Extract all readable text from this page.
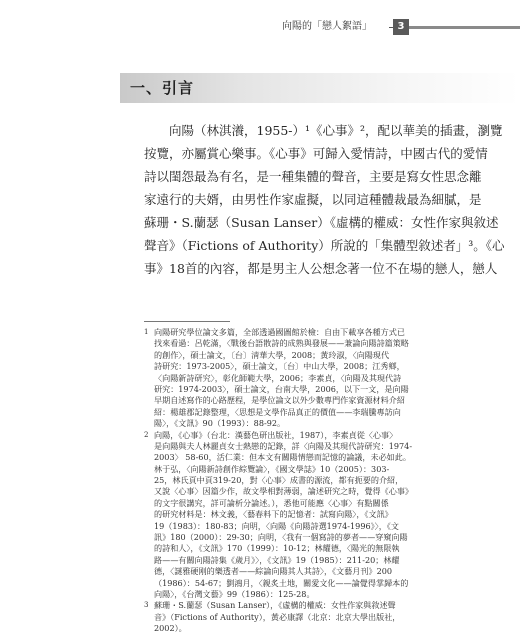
向陽的「戀人絮語」	3
一、引言
向陽（林淇瀁，1955-）¹《心事》²，配以華美的插畫，瀏覽
按覽，亦屬賞心樂事。《心事》可歸入愛情詩，中國古代的愛情
詩以閨怨最為有名，是一種集體的聲音，主要是寫女性思念離
家遠行的夫婿，由男性作家虛擬，以同這種體裁最為細膩，是
蘇珊・S.蘭瑟（Susan Lanser）《虛構的權威：女性作家與敘述
聲音》（Fictions of Authority）所說的「集體型敘述者」³。《心
事》18首的內容，都是男主人公想念著一位不在場的戀人，戀人
1 向陽研究學位論文多篇，全部透過國圖館於檢：自由下載享各種方式已
找來看過：呂乾滿，〈戰後台語散詩的成熟與發展——兼論向陽詩篇策略
的創作〉，碩士論文，〔台〕淸華大學，2008；黃玲淑，〈向陽現代
詩研究：1973-2005〉，碩士論文，〔台〕中山大學，2008；江秀鄉，
〈向陽新詩研究〉，彰化師範大學，2006；李素貞，〈向陽及其現代詩
研究：1974-2003〉，碩士論文，台南大學，2006，以下一文，是向陽
早期自述寫作的心路歷程，是學位論文以外少數專門作家資源材料介紹
紹：楊雄郡記錄整理，〈思想是文學作品真正的價值——李瑞騰專訪向
陽〉，《文訊》90（1993）：88-92。
2 向陽，《心事》（台北：漢藝色研出版社，1987），李素貞從〈心事〉
是向陽與夫人林麗貞女士熱戀的記錄，詳〈向陽及其現代詩研究：1974-
2003〉 58-60，活仁業：但本文有關陽情戀而記憶的論議，未必如此。
林于弘，〈向陽新詩創作綜覽論〉，《國文學誌》10（2005）：303-
25，林氏頁中頁319-20，對〈心事〉成書的源流，都有扼要的介紹，
又說〈心事〉因篇少作，故文學相對薄弱，論述研究之時，覺得《心事》
的文字很講究，詳可論析分論述。），悉他可能應〈心事〉有點關係
的研究材料是：林文義，〈藝春料下的記憶者：試寫向陽〉，《文訊》
19（1983）：180-83；向明，〈向陽《向陽詩選1974-1996》〉，《文
訊》180（2000）：29-30；向明，〈我有一個寫詩的夢者——穿窺向陽
的詩和人〉，《文訊》170（1999）：10-12；林耀德，〈陽光的無限執
路——有關向陽詩集《歲月》〉，《文訊》19（1985）：211-20；林耀
德，〈謎雅硬刚的樂透者——綜論向陽其人其詩〉，《文藝月刊》200
（1986）：54-67；劉鴻月，〈親炙土地，關愛文化——論覺得掌歸本的
向陽〉，《台灣文藝》99（1986）：125-28。
3 蘇珊・S.蘭瑟（Susan Lanser），《虛構的權威：女性作家與敘述聲
音》（Fictions of Authority），黃必康譯（北京：北京大學出版社，
2002）。
